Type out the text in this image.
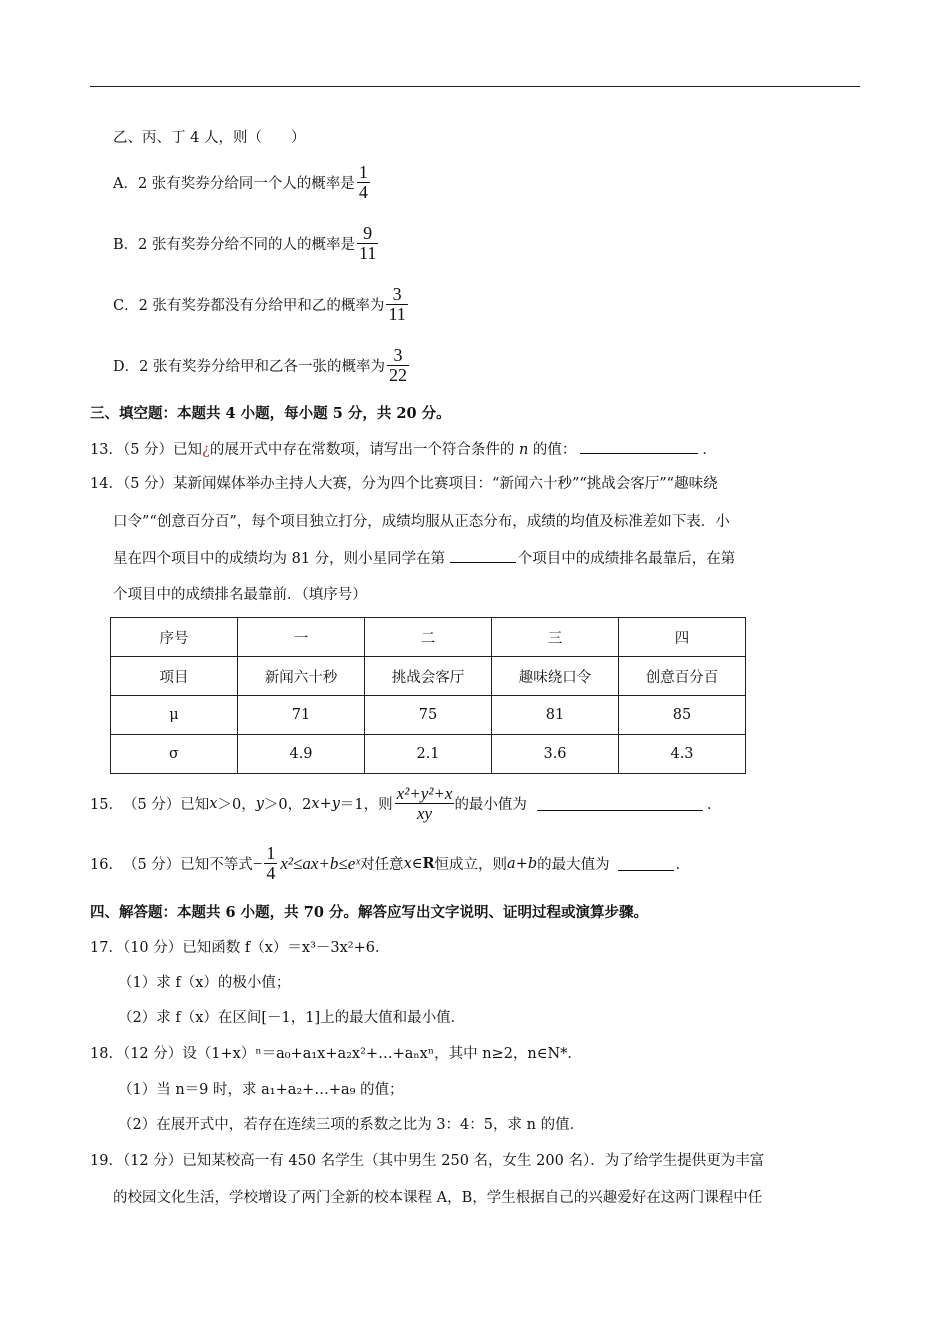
乙、丙、丁 4 人，则（　　）
A．2 张有奖券分给同一个人的概率是 $\frac{1}{4}$
B．2 张有奖券分给不同的人的概率是 $\frac{9}{11}$
C．2 张有奖券都没有分给甲和乙的概率为 $\frac{3}{11}$
D．2 张有奖券分给甲和乙各一张的概率为 $\frac{3}{22}$
三、填空题：本题共 4 小题，每小题 5 分，共 20 分。
13．（5 分）已知¿的展开式中存在常数项，请写出一个符合条件的 n 的值：	．
14．（5 分）某新闻媒体举办主持人大赛，分为四个比赛项目：“新闻六十秒”“挑战会客厅”“趣味绕
口令”“创意百分百”，每个项目独立打分，成绩均服从正态分布，成绩的均值及标准差如下表．小
星在四个项目中的成绩均为 81 分，则小星同学在第	个项目中的成绩排名最靠后，在第
个项目中的成绩排名最靠前．（填序号）
序号	一	二	三	四
项目	新闻六十秒	挑战会客厅	趣味绕口令	创意百分百
μ	71	75	81	85
σ	4.9	2.1	3.6	4.3
15． （5 分）已知 x ＞0， y ＞0，2 x + y ＝1，则 $\frac{\text{x²+y²+x}}{xy}$ 的最小值为	．
16． （5 分）已知不等式 − $\frac{1}{4}$ x²≤ax+b≤eˣ 对任意 x ∈ R 恒成立，则 a+b 的最大值为	．
四、解答题：本题共 6 小题，共 70 分。解答应写出文字说明、证明过程或演算步骤。
17．（10 分）已知函数 f（x）＝x³－3x²+6．
（1）求 f（x）的极小值；
（2）求 f（x）在区间[－1，1]上的最大值和最小值．
18．（12 分）设（1+x）ⁿ＝a₀+a₁x+a₂x²+…+aₙxⁿ，其中 n≥2，n∈N*．
（1）当 n＝9 时，求 a₁+a₂+…+a₉ 的值；
（2）在展开式中，若存在连续三项的系数之比为 3：4：5，求 n 的值．
19．（12 分）已知某校高一有 450 名学生（其中男生 250 名，女生 200 名）．为了给学生提供更为丰富
的校园文化生活，学校增设了两门全新的校本课程 A，B，学生根据自己的兴趣爱好在这两门课程中任
